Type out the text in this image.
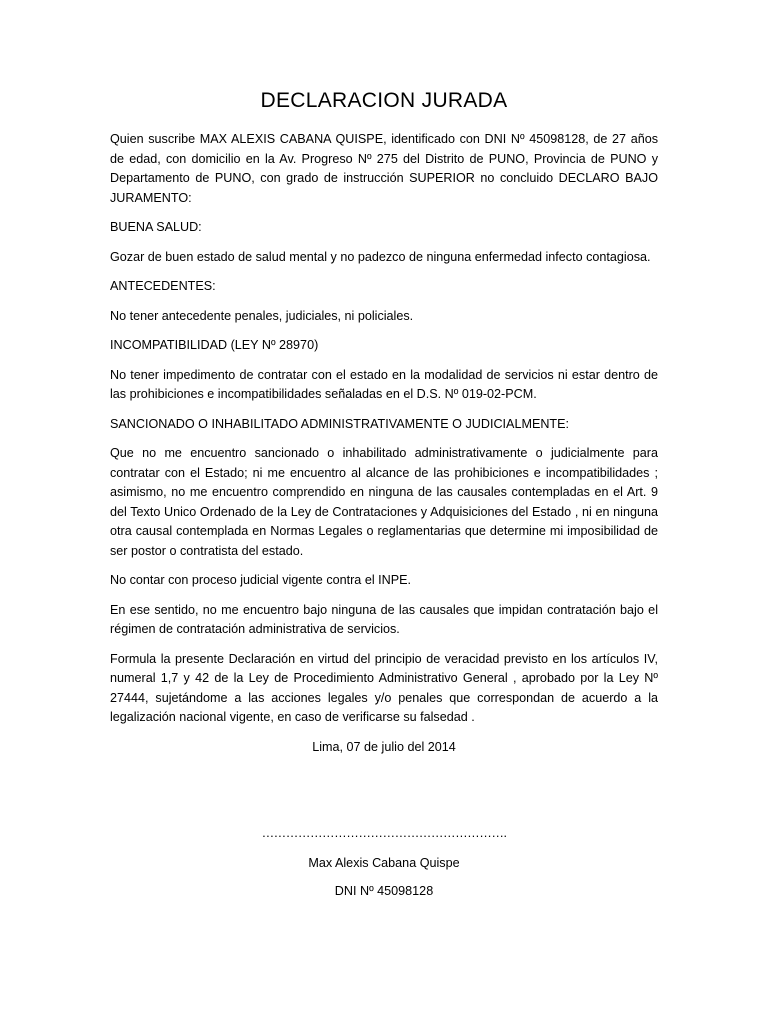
DECLARACION JURADA

Quien suscribe MAX ALEXIS CABANA QUISPE, identificado con DNI Nº 45098128, de 27 años de edad, con domicilio en la Av. Progreso Nº 275 del Distrito de PUNO, Provincia de PUNO y Departamento de PUNO, con grado de instrucción SUPERIOR no concluido DECLARO BAJO JURAMENTO:

BUENA SALUD:

Gozar de buen estado de salud mental y no padezco de ninguna enfermedad infecto contagiosa.

ANTECEDENTES:

No tener antecedente penales, judiciales, ni policiales.

INCOMPATIBILIDAD (LEY Nº 28970)

No tener impedimento de contratar con el estado en la modalidad de servicios ni estar dentro de las prohibiciones e incompatibilidades señaladas en el D.S. Nº 019-02-PCM.

SANCIONADO O INHABILITADO ADMINISTRATIVAMENTE O JUDICIALMENTE:

Que no me encuentro sancionado o inhabilitado administrativamente o judicialmente para contratar con el Estado; ni me encuentro al alcance de las prohibiciones e incompatibilidades ; asimismo, no me encuentro comprendido en ninguna de las causales contempladas en el Art. 9 del Texto Unico Ordenado de la Ley de Contrataciones y Adquisiciones del Estado , ni en ninguna otra causal contemplada en Normas Legales o reglamentarias que determine mi imposibilidad de ser postor o contratista del estado.

No contar con proceso judicial vigente contra el INPE.

En ese sentido, no me encuentro bajo ninguna de las causales que impidan contratación bajo el régimen de contratación administrativa de servicios.

Formula la presente Declaración en virtud del principio de veracidad previsto en los artículos IV, numeral 1,7 y 42 de la Ley de Procedimiento Administrativo General , aprobado por la Ley Nº 27444, sujetándome a las acciones legales y/o penales que correspondan de acuerdo a la legalización nacional vigente, en caso de verificarse su falsedad .

Lima, 07 de julio del 2014

…………………………………………………….

Max Alexis Cabana Quispe

DNI Nº 45098128
